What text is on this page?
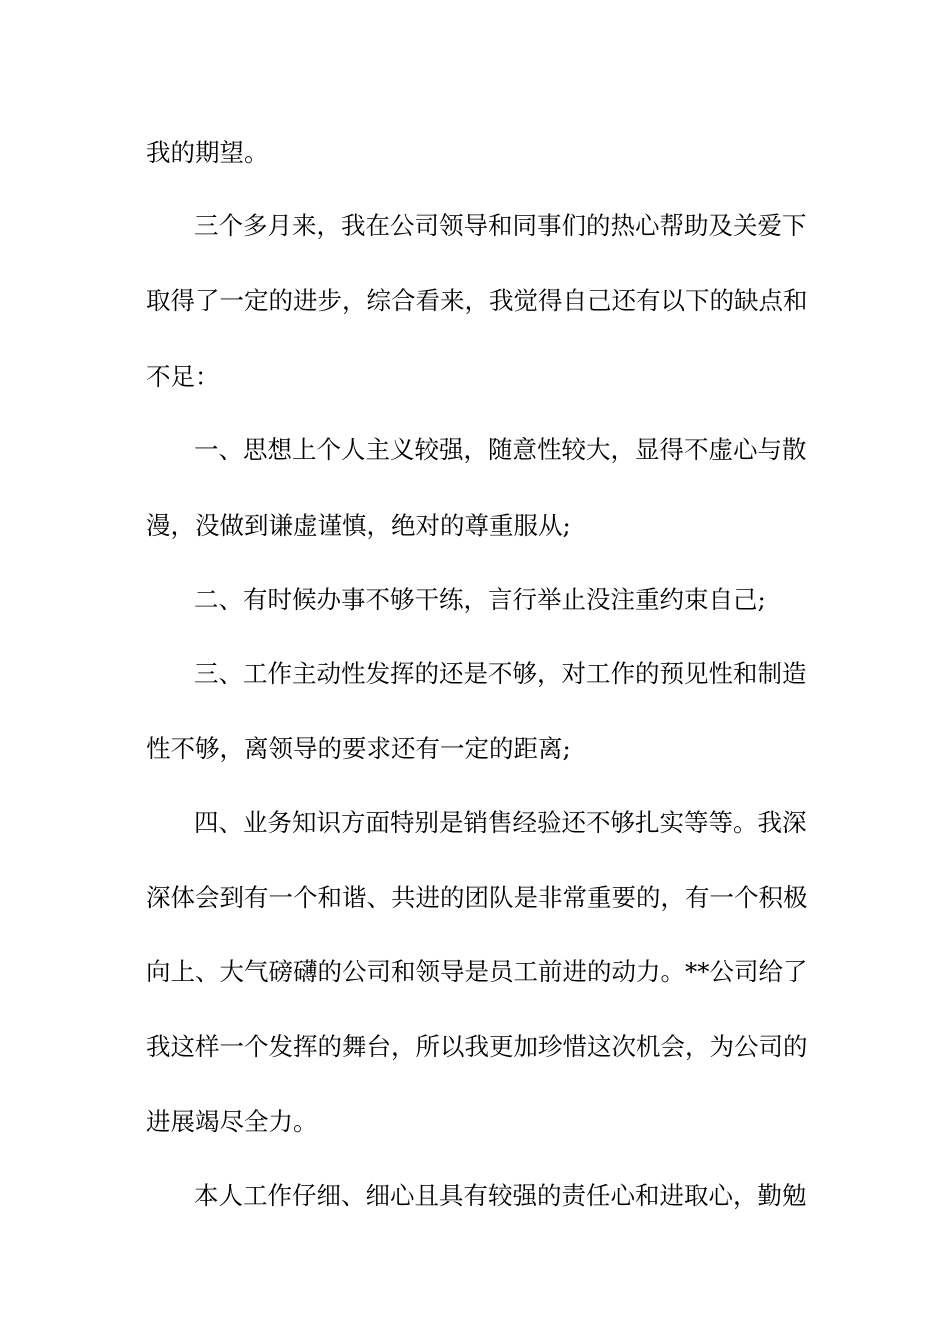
我的期望。
三个多月来，我在公司领导和同事们的热心帮助及关爱下
取得了一定的进步，综合看来，我觉得自己还有以下的缺点和
不足：
一、思想上个人主义较强，随意性较大，显得不虚心与散
漫，没做到谦虚谨慎，绝对的尊重服从;
二、有时候办事不够干练，言行举止没注重约束自己;
三、工作主动性发挥的还是不够，对工作的预见性和制造
性不够，离领导的要求还有一定的距离;
四、业务知识方面特别是销售经验还不够扎实等等。我深
深体会到有一个和谐、共进的团队是非常重要的，有一个积极
向上、大气磅礴的公司和领导是员工前进的动力。**公司给了
我这样一个发挥的舞台，所以我更加珍惜这次机会，为公司的
进展竭尽全力。
本人工作仔细、细心且具有较强的责任心和进取心，勤勉
